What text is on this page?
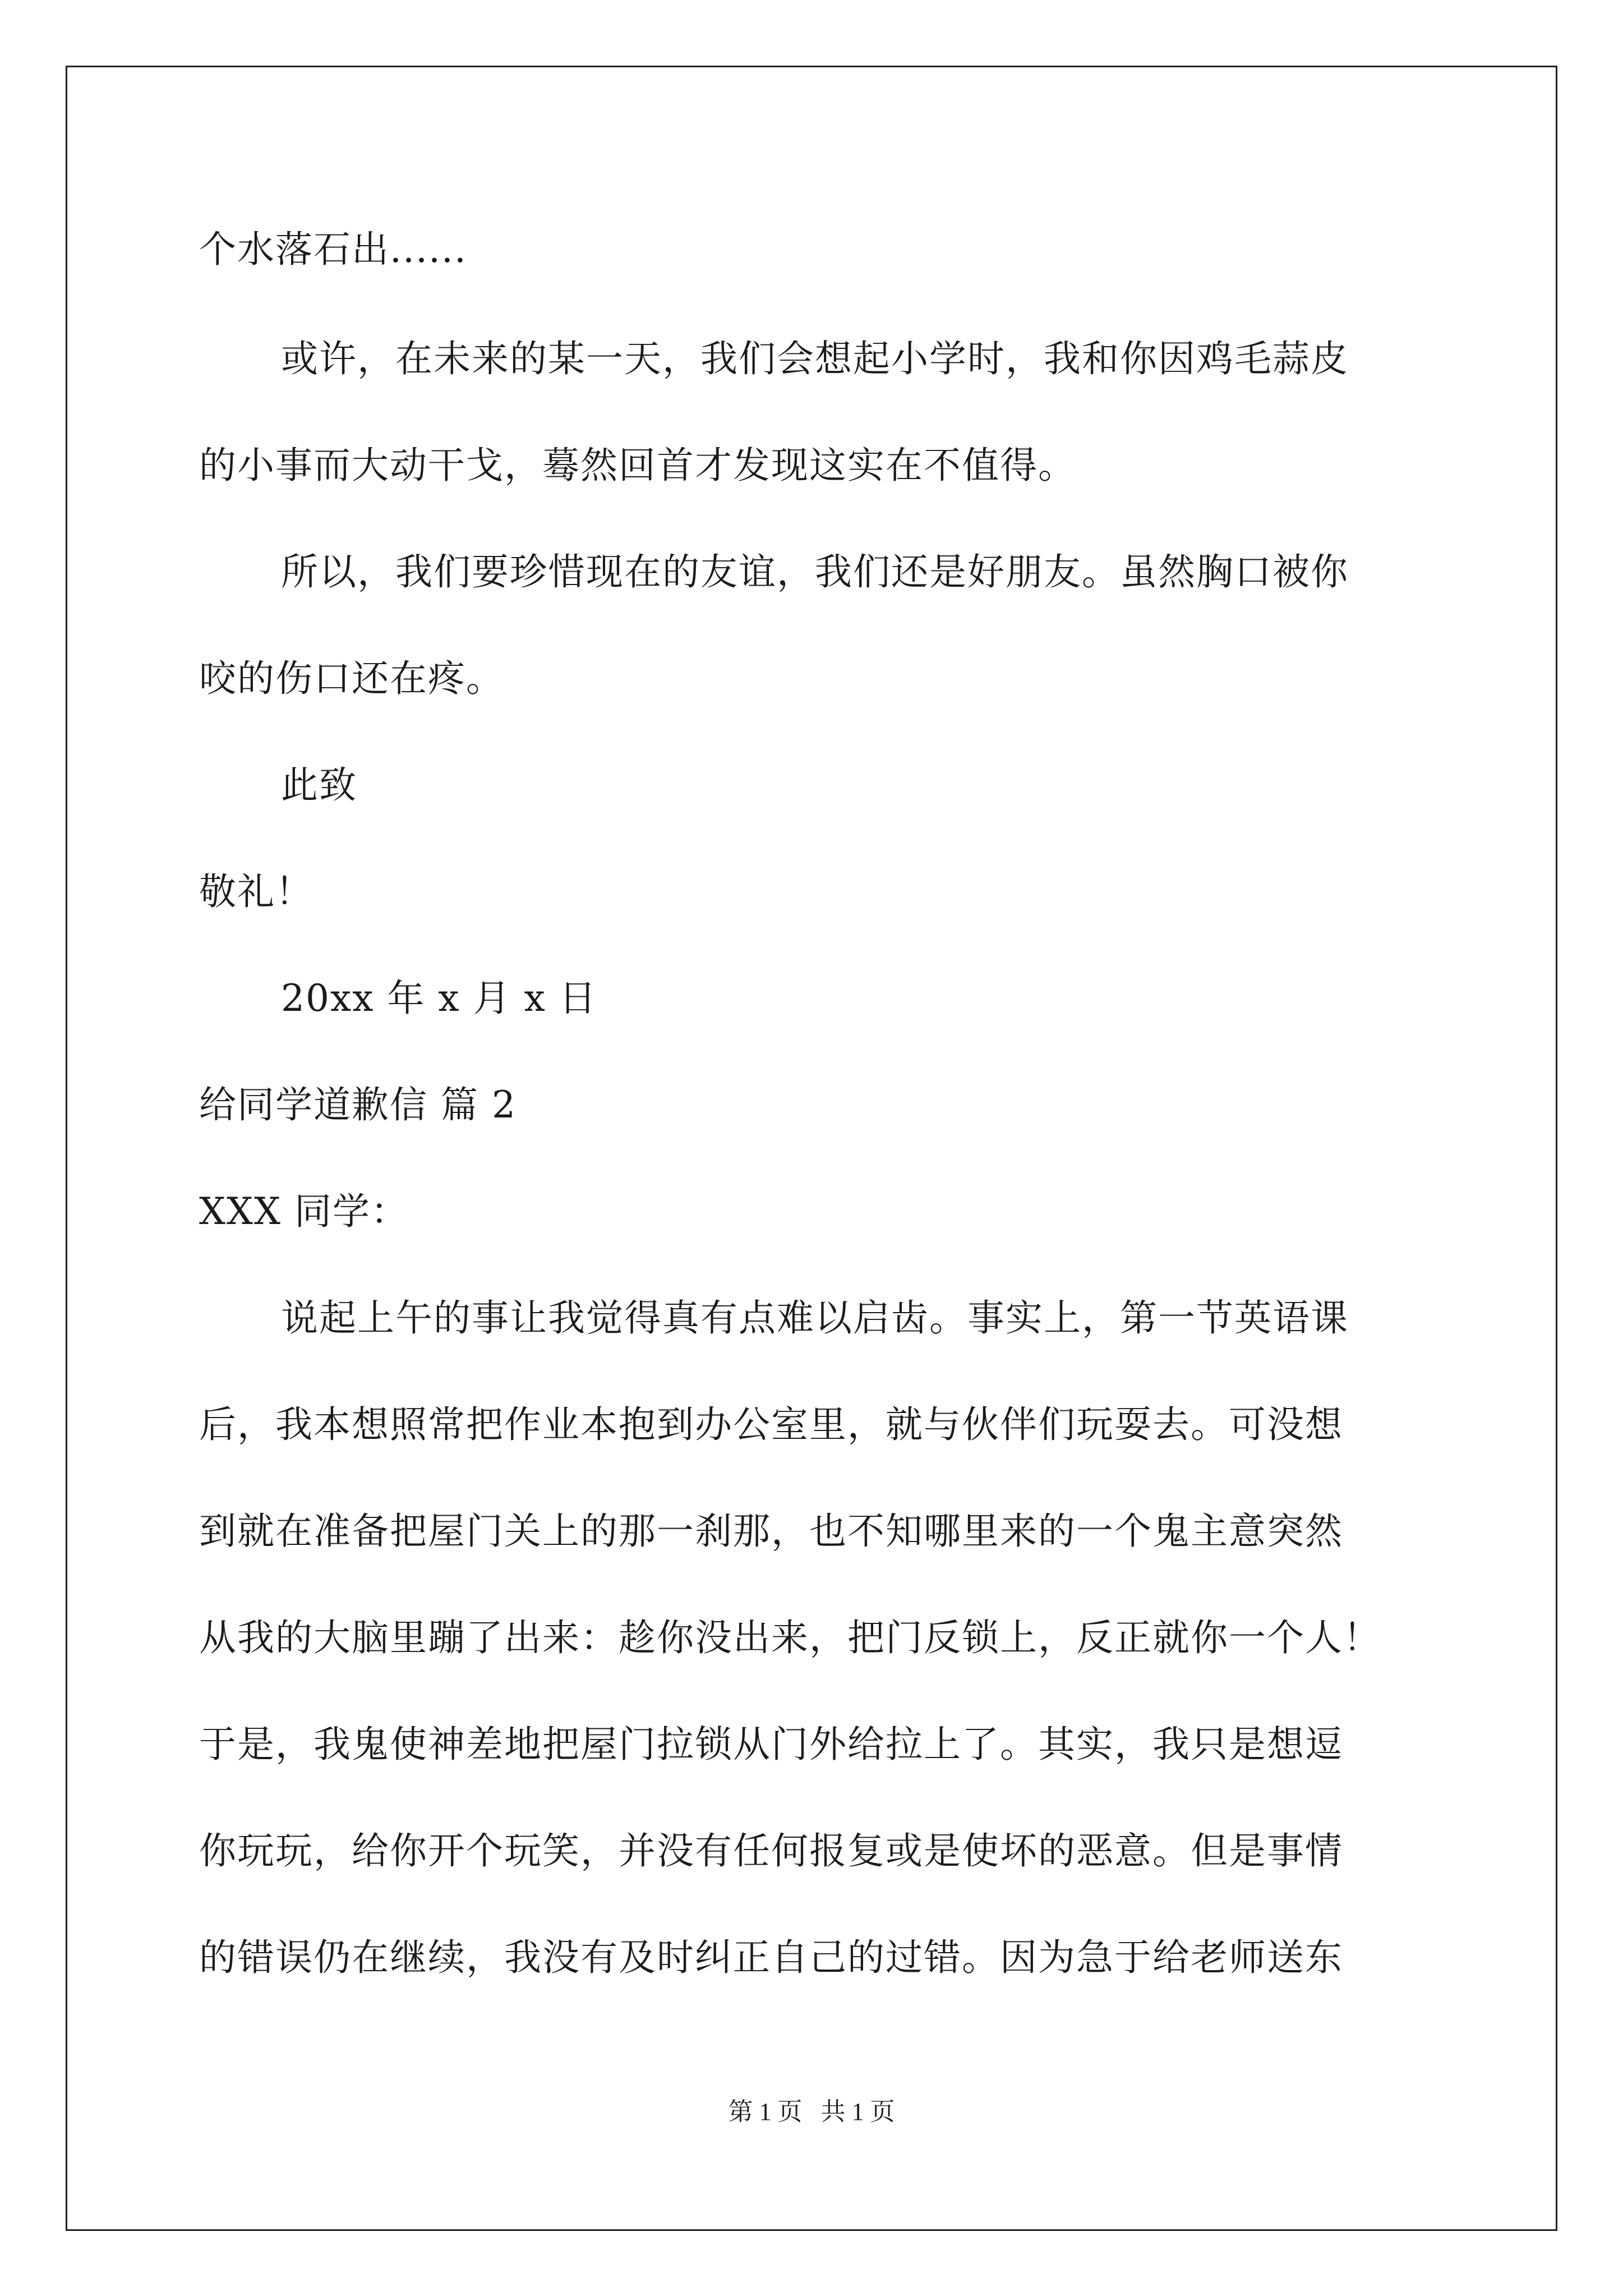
个水落石出......
或许，在未来的某一天，我们会想起小学时，我和你因鸡毛蒜皮
的小事而大动干戈，蓦然回首才发现这实在不值得。
所以，我们要珍惜现在的友谊，我们还是好朋友。虽然胸口被你
咬的伤口还在疼。
此致
敬礼！
20xx 年 x 月 x 日
给同学道歉信 篇 2
XXX 同学：
说起上午的事让我觉得真有点难以启齿。事实上，第一节英语课
后，我本想照常把作业本抱到办公室里，就与伙伴们玩耍去。可没想
到就在准备把屋门关上的那一刹那，也不知哪里来的一个鬼主意突然
从我的大脑里蹦了出来：趁你没出来，把门反锁上，反正就你一个人！
于是，我鬼使神差地把屋门拉锁从门外给拉上了。其实，我只是想逗
你玩玩，给你开个玩笑，并没有任何报复或是使坏的恶意。但是事情
的错误仍在继续，我没有及时纠正自己的过错。因为急于给老师送东
第 1 页   共 1 页
